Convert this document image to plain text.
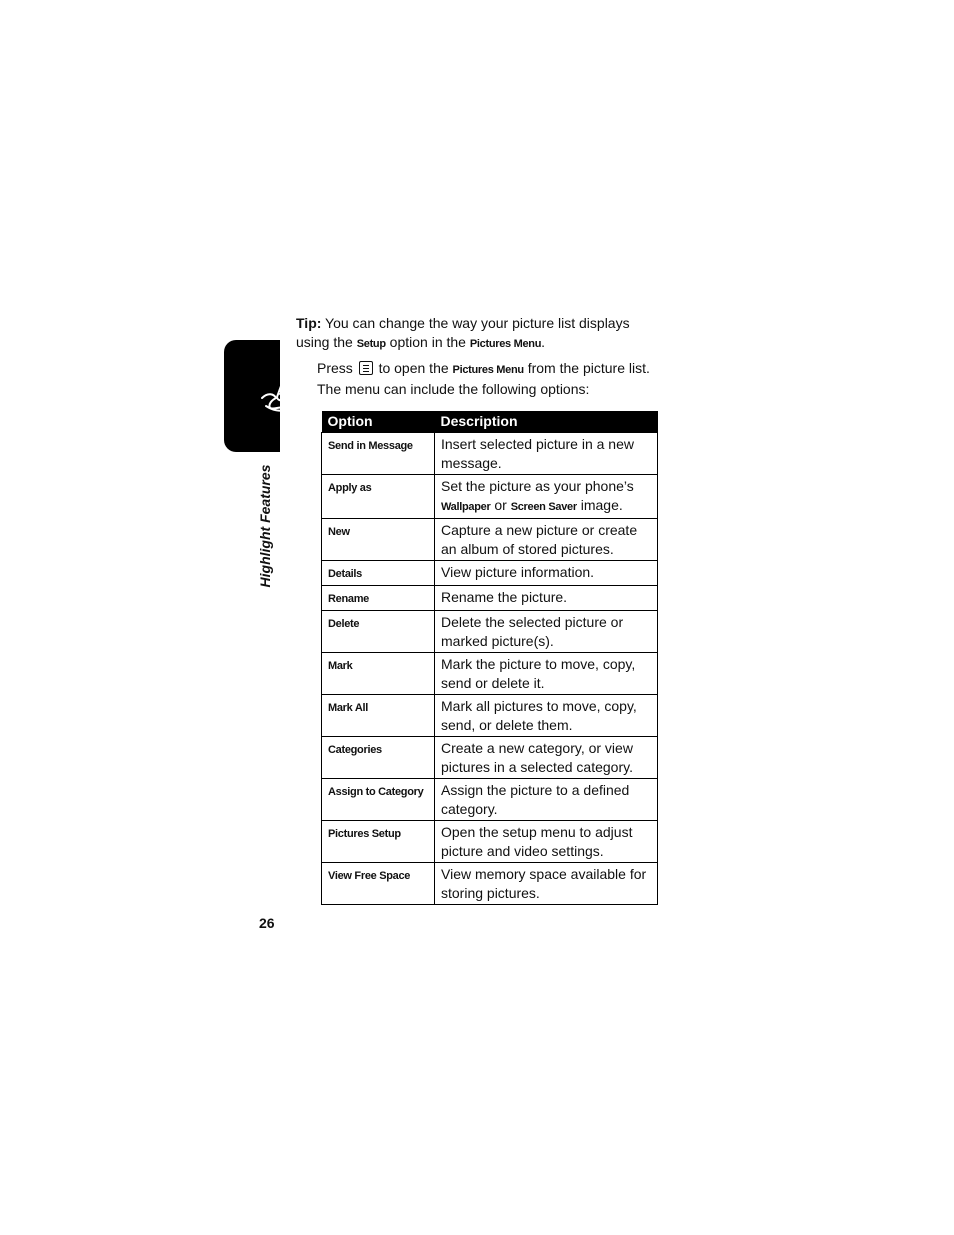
Highlight Features
Tip: You can change the way your picture list displays using the Setup option in the Pictures Menu.
Press
to open the Pictures Menu from the picture list. The menu can include the following options:
Option	Description
Send in Message	Insert selected picture in a new message.
Apply as	Set the picture as your phone’s Wallpaper or Screen Saver image.
New	Capture a new picture or create an album of stored pictures.
Details	View picture information.
Rename	Rename the picture.
Delete	Delete the selected picture or marked picture(s).
Mark	Mark the picture to move, copy, send or delete it.
Mark All	Mark all pictures to move, copy, send, or delete them.
Categories	Create a new category, or view pictures in a selected category.
Assign to Category	Assign the picture to a defined category.
Pictures Setup	Open the setup menu to adjust picture and video settings.
View Free Space	View memory space available for storing pictures.
26
